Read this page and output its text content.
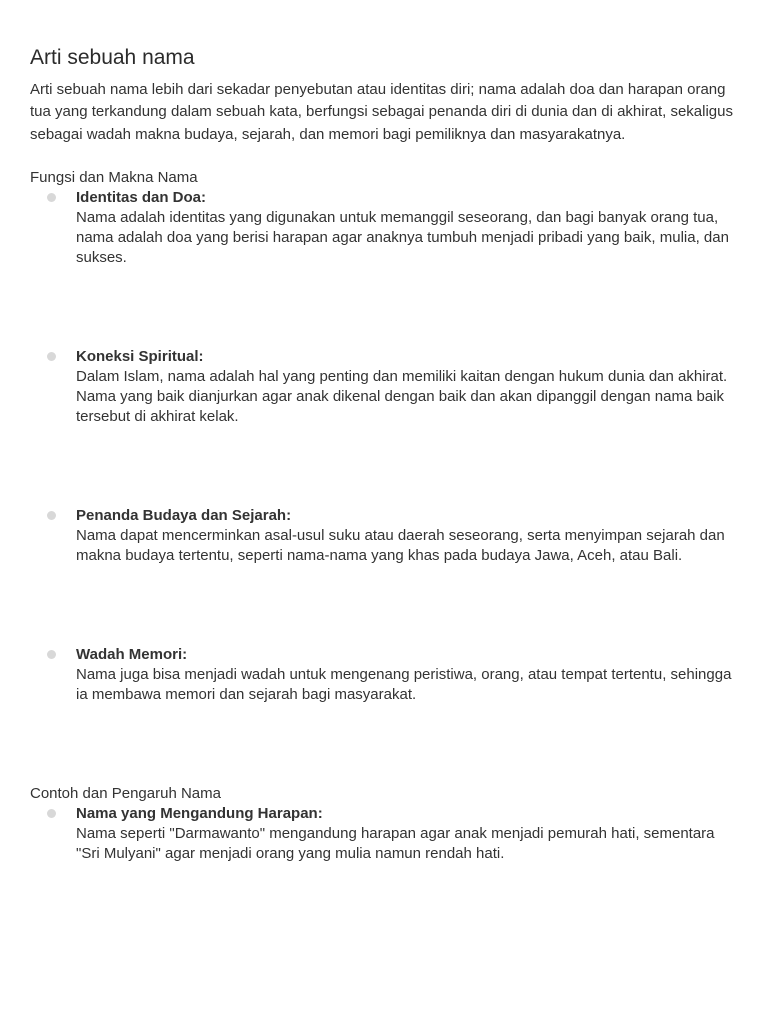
Arti sebuah nama

Arti sebuah nama lebih dari sekadar penyebutan atau identitas diri; nama adalah doa dan harapan orang tua yang terkandung dalam sebuah kata, berfungsi sebagai penanda diri di dunia dan di akhirat, sekaligus sebagai wadah makna budaya, sejarah, dan memori bagi pemiliknya dan masyarakatnya.

Fungsi dan Makna Nama

Identitas dan Doa:
Nama adalah identitas yang digunakan untuk memanggil seseorang, dan bagi banyak orang tua, nama adalah doa yang berisi harapan agar anaknya tumbuh menjadi pribadi yang baik, mulia, dan sukses.
Koneksi Spiritual:
Dalam Islam, nama adalah hal yang penting dan memiliki kaitan dengan hukum dunia dan akhirat. Nama yang baik dianjurkan agar anak dikenal dengan baik dan akan dipanggil dengan nama baik tersebut di akhirat kelak.
Penanda Budaya dan Sejarah:
Nama dapat mencerminkan asal-usul suku atau daerah seseorang, serta menyimpan sejarah dan makna budaya tertentu, seperti nama-nama yang khas pada budaya Jawa, Aceh, atau Bali.
Wadah Memori:
Nama juga bisa menjadi wadah untuk mengenang peristiwa, orang, atau tempat tertentu, sehingga ia membawa memori dan sejarah bagi masyarakat.

Contoh dan Pengaruh Nama

Nama yang Mengandung Harapan:
Nama seperti "Darmawanto" mengandung harapan agar anak menjadi pemurah hati, sementara "Sri Mulyani" agar menjadi orang yang mulia namun rendah hati.
